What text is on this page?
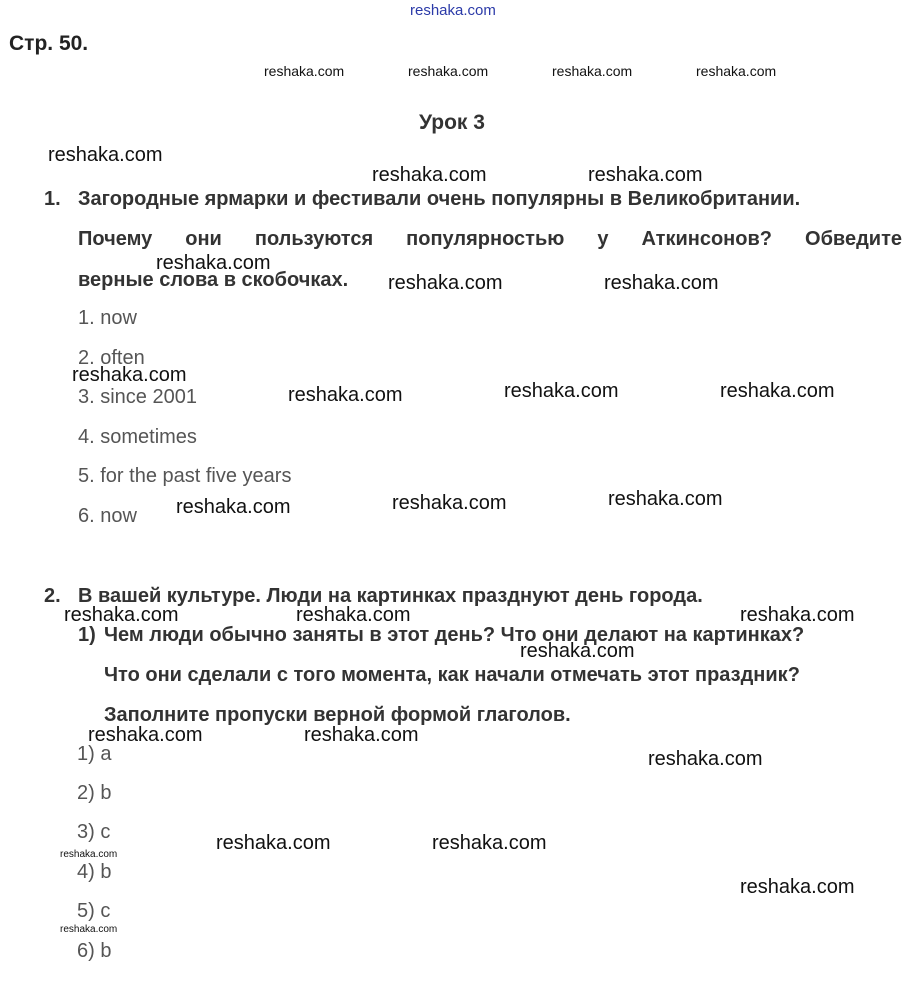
reshaka.com
Стр. 50.
reshaka.com	reshaka.com	reshaka.com	reshaka.com
Урок 3
1. Загородные ярмарки и фестивали очень популярны в Великобритании.
Почему они пользуются популярностью у Аткинсонов? Обведите
верные слова в скобочках.
1. now
2. often
3. since 2001
4. sometimes
5. for the past five years
6. now
2. В вашей культуре. Люди на картинках празднуют день города.
1) Чем люди обычно заняты в этот день? Что они делают на картинках?
Что они сделали с того момента, как начали отмечать этот праздник?
Заполните пропуски верной формой глаголов.
1) a
2) b
3) c
4) b
5) c
6) b
reshaka.com
reshaka.com	reshaka.com
reshaka.com
reshaka.com	reshaka.com
reshaka.com
reshaka.com	reshaka.com	reshaka.com
reshaka.com	reshaka.com	reshaka.com
reshaka.com	reshaka.com	reshaka.com
reshaka.com
reshaka.com	reshaka.com
reshaka.com
reshaka.com	reshaka.com
reshaka.com
reshaka.com
reshaka.com
